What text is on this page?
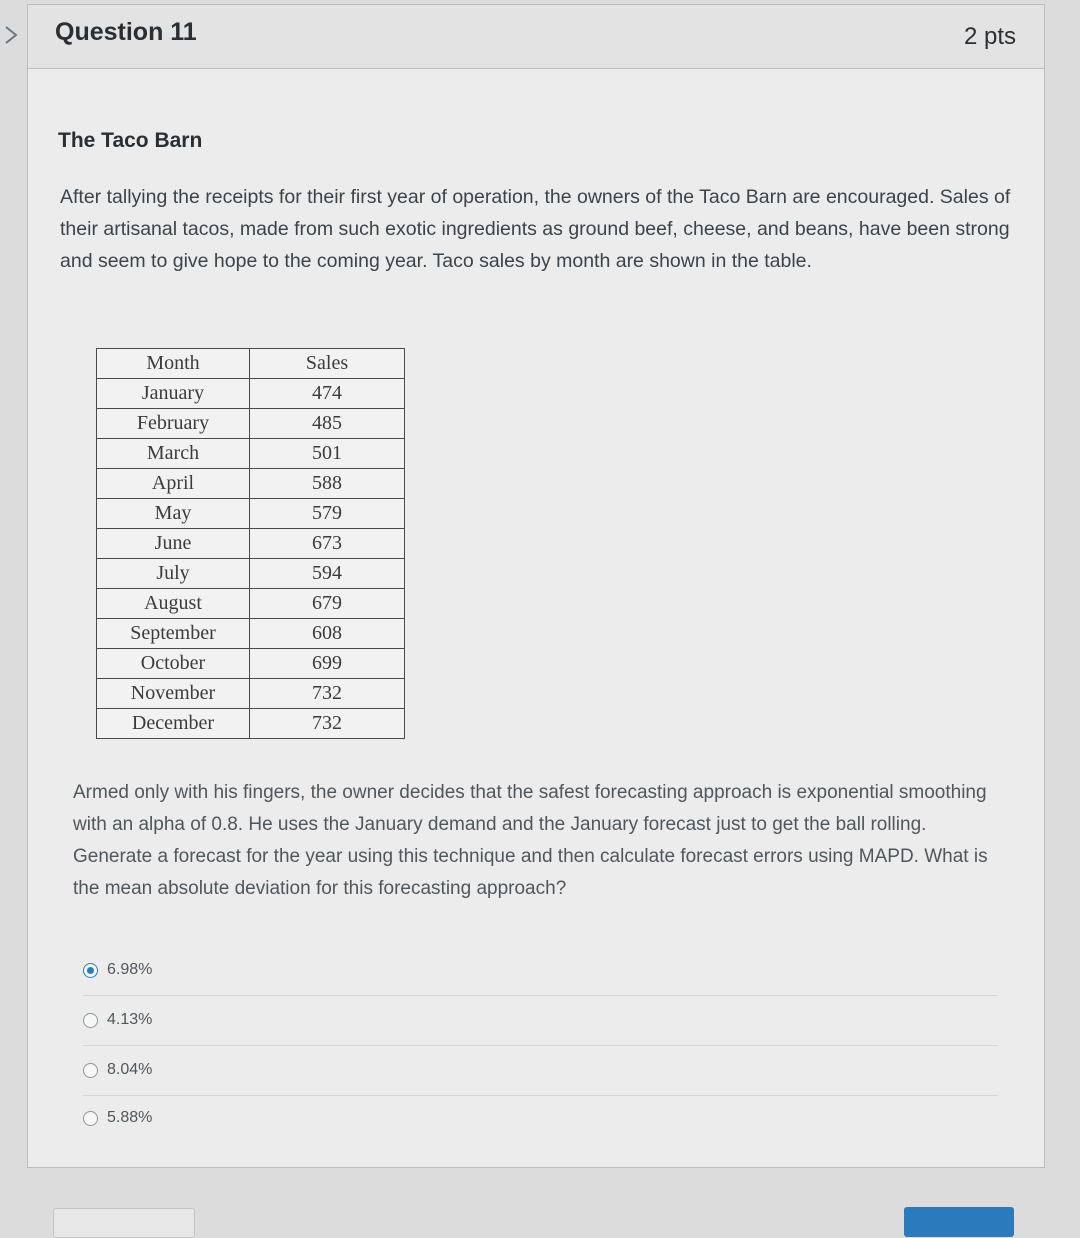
Question 11	2 pts
The Taco Barn
After tallying the receipts for their first year of operation, the owners of the Taco Barn are encouraged. Sales of their artisanal tacos, made from such exotic ingredients as ground beef, cheese, and beans, have been strong and seem to give hope to the coming year. Taco sales by month are shown in the table.
Month	Sales
January	474
February	485
March	501
April	588
May	579
June	673
July	594
August	679
September	608
October	699
November	732
December	732
Armed only with his fingers, the owner decides that the safest forecasting approach is exponential smoothing with an alpha of 0.8. He uses the January demand and the January forecast just to get the ball rolling. Generate a forecast for the year using this technique and then calculate forecast errors using MAPD. What is the mean absolute deviation for this forecasting approach?
6.98%
4.13%
8.04%
5.88%
